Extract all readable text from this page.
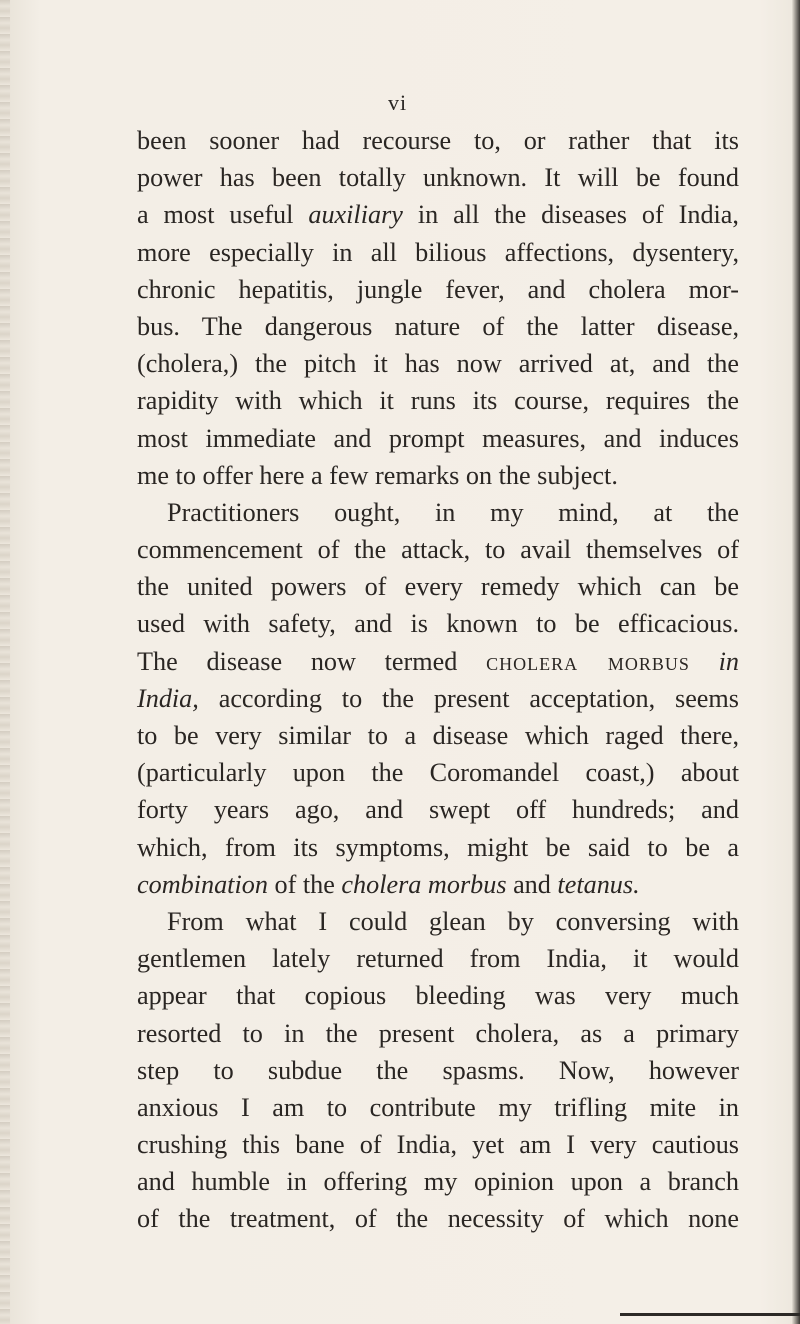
vi
been sooner had recourse to, or rather that its
power has been totally unknown. It will be found
a most useful auxiliary in all the diseases of India,
more especially in all bilious affections, dysentery,
chronic hepatitis, jungle fever, and cholera mor-
bus. The dangerous nature of the latter disease,
(cholera,) the pitch it has now arrived at, and the
rapidity with which it runs its course, requires the
most immediate and prompt measures, and induces
me to offer here a few remarks on the subject.
Practitioners ought, in my mind, at the
commencement of the attack, to avail themselves of
the united powers of every remedy which can be
used with safety, and is known to be efficacious.
The disease now termed cholera morbus in
India, according to the present acceptation, seems
to be very similar to a disease which raged there,
(particularly upon the Coromandel coast,) about
forty years ago, and swept off hundreds; and
which, from its symptoms, might be said to be a
combination of the cholera morbus and tetanus.
From what I could glean by conversing with
gentlemen lately returned from India, it would
appear that copious bleeding was very much
resorted to in the present cholera, as a primary
step to subdue the spasms. Now, however
anxious I am to contribute my trifling mite in
crushing this bane of India, yet am I very cautious
and humble in offering my opinion upon a branch
of the treatment, of the necessity of which none
